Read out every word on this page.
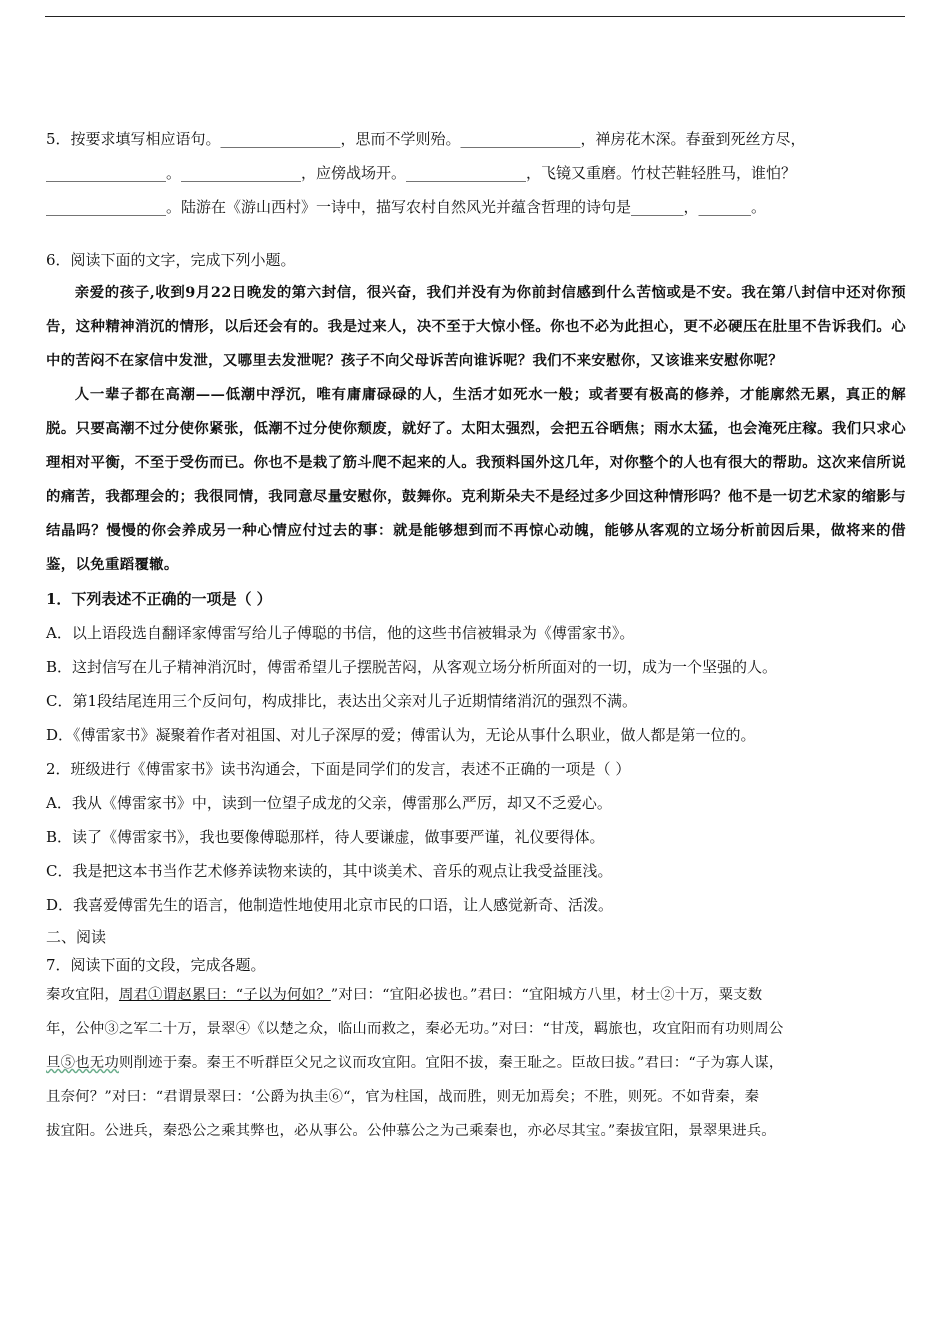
5．按要求填写相应语句。________________，思而不学则殆。________________，禅房花木深。春蚕到死丝方尽，
________________。________________，应傍战场开。________________，飞镜又重磨。竹杖芒鞋轻胜马，谁怕？
________________。陆游在《游山西村》一诗中，描写农村自然风光并蕴含哲理的诗句是_______，_______。
6．阅读下面的文字，完成下列小题。

亲爱的孩子,收到9月22日晚发的第六封信，很兴奋，我们并没有为你前封信感到什么苦恼或是不安。我在第八封信中还对你预告，这种精神消沉的情形，以后还会有的。我是过来人，决不至于大惊小怪。你也不必为此担心，更不必硬压在肚里不告诉我们。心中的苦闷不在家信中发泄，又哪里去发泄呢？孩子不向父母诉苦向谁诉呢？我们不来安慰你，又该谁来安慰你呢？

人一辈子都在高潮——低潮中浮沉，唯有庸庸碌碌的人，生活才如死水一般；或者要有极高的修养，才能廓然无累，真正的解脱。只要高潮不过分使你紧张，低潮不过分使你颓废，就好了。太阳太强烈，会把五谷晒焦；雨水太猛，也会淹死庄稼。我们只求心理相对平衡，不至于受伤而已。你也不是栽了筋斗爬不起来的人。我预料国外这几年，对你整个的人也有很大的帮助。这次来信所说的痛苦，我都理会的；我很同情，我同意尽量安慰你，鼓舞你。克利斯朵夫不是经过多少回这种情形吗？他不是一切艺术家的缩影与结晶吗？慢慢的你会养成另一种心情应付过去的事：就是能够想到而不再惊心动魄，能够从客观的立场分析前因后果，做将来的借鉴，以免重蹈覆辙。

1．下列表述不正确的一项是（ ）
A．以上语段选自翻译家傅雷写给儿子傅聪的书信，他的这些书信被辑录为《傅雷家书》。
B．这封信写在儿子精神消沉时，傅雷希望儿子摆脱苦闷，从客观立场分析所面对的一切，成为一个坚强的人。
C．第1段结尾连用三个反问句，构成排比，表达出父亲对儿子近期情绪消沉的强烈不满。
D．《傅雷家书》凝聚着作者对祖国、对儿子深厚的爱；傅雷认为，无论从事什么职业，做人都是第一位的。
2．班级进行《傅雷家书》读书沟通会，下面是同学们的发言，表述不正确的一项是（ ）
A．我从《傅雷家书》中，读到一位望子成龙的父亲，傅雷那么严厉，却又不乏爱心。
B．读了《傅雷家书》，我也要像傅聪那样，待人要谦虚，做事要严谨，礼仪要得体。
C．我是把这本书当作艺术修养读物来读的，其中谈美术、音乐的观点让我受益匪浅。
D．我喜爱傅雷先生的语言，他制造性地使用北京市民的口语，让人感觉新奇、活泼。
二、阅读
7．阅读下面的文段，完成各题。
秦攻宜阳，周君①谓赵累曰：“子以为何如？”对曰：“宜阳必拔也。”君曰：“宜阳城方八里，材士②十万，粟支数
年，公仲③之军二十万，景翠④《以楚之众，临山而救之，秦必无功。”对曰：“甘茂，羁旅也，攻宜阳而有功则周公
旦⑤也无功则削迹于秦。秦王不听群臣父兄之议而攻宜阳。宜阳不拔，秦王耻之。臣故曰拔。”君曰：“子为寡人谋，
且奈何？”对曰：“君谓景翠曰：‘公爵为执圭⑥“，官为柱国，战而胜，则无加焉矣；不胜，则死。不如背秦，秦
拔宜阳。公进兵，秦恐公之乘其弊也，必从事公。公仲慕公之为己乘秦也，亦必尽其宝。”秦拔宜阳，景翠果进兵。
